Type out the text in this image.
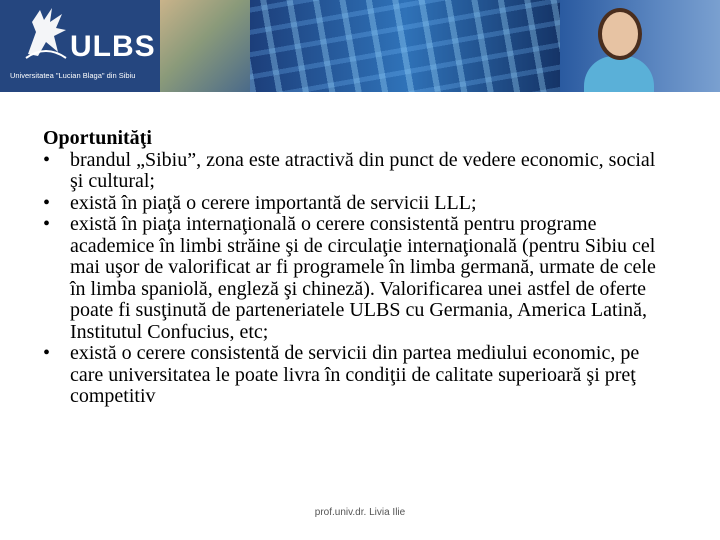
ULBS
Universitatea "Lucian Blaga" din Sibiu

Oportunităţi

• brandul „Sibiu”, zona este atractivă din punct de vedere economic, social şi cultural;
• există în piaţă o cerere importantă de servicii LLL;
• există în piaţa internaţională o cerere consistentă pentru programe academice în limbi străine şi de circulaţie internaţională (pentru Sibiu cel mai uşor de valorificat ar fi programele în limba germană, urmate de cele în limba spaniolă, engleză şi chineză). Valorificarea unei astfel de oferte poate fi susţinută de parteneriatele ULBS cu Germania, America Latină, Institutul Confucius, etc;
• există o cerere consistentă de servicii din partea mediului economic, pe care universitatea le poate livra în condiţii de calitate superioară şi preţ competitiv
prof.univ.dr. Livia Ilie
